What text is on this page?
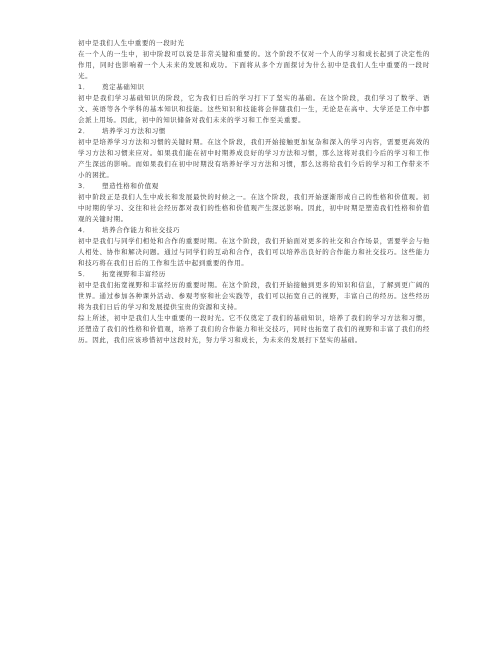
初中是我们人生中重要的一段时光

在一个人的一生中，初中阶段可以说是非常关键和重要的。这个阶段不仅对一个人的学习和成长起到了决定性的作用，同时也影响着一个人未来的发展和成功。下面将从多个方面探讨为什么初中是我们人生中重要的一段时光。

1． 奠定基础知识

初中是我们学习基础知识的阶段，它为我们日后的学习打下了坚实的基础。在这个阶段，我们学习了数学、语文、英语等各个学科的基本知识和技能。这些知识和技能将会伴随我们一生，无论是在高中、大学还是工作中都会派上用场。因此，初中的知识储备对我们未来的学习和工作至关重要。

2． 培养学习方法和习惯

初中是培养学习方法和习惯的关键时期。在这个阶段，我们开始接触更加复杂和深入的学习内容，需要更高效的学习方法和习惯来应对。如果我们能在初中时期养成良好的学习方法和习惯，那么这将对我们今后的学习和工作产生深远的影响。而如果我们在初中时期没有培养好学习方法和习惯，那么这将给我们今后的学习和工作带来不小的困扰。

3． 塑造性格和价值观

初中阶段正是我们人生中成长和发展最快的时候之一。在这个阶段，我们开始逐渐形成自己的性格和价值观。初中时期的学习、交往和社会经历都对我们的性格和价值观产生深远影响。因此，初中时期是塑造我们性格和价值观的关键时期。

4． 培养合作能力和社交技巧

初中是我们与同学们相处和合作的重要时期。在这个阶段，我们开始面对更多的社交和合作场景，需要学会与他人相处、协作和解决问题。通过与同学们的互动和合作，我们可以培养出良好的合作能力和社交技巧。这些能力和技巧将在我们日后的工作和生活中起到重要的作用。

5． 拓宽视野和丰富经历

初中是我们拓宽视野和丰富经历的重要时期。在这个阶段，我们开始接触到更多的知识和信息，了解到更广阔的世界。通过参加各种课外活动、参观考察和社会实践等，我们可以拓宽自己的视野，丰富自己的经历。这些经历将为我们日后的学习和发展提供宝贵的资源和支持。

综上所述，初中是我们人生中重要的一段时光。它不仅奠定了我们的基础知识，培养了我们的学习方法和习惯，还塑造了我们的性格和价值观，培养了我们的合作能力和社交技巧，同时也拓宽了我们的视野和丰富了我们的经历。因此，我们应该珍惜初中这段时光，努力学习和成长，为未来的发展打下坚实的基础。
